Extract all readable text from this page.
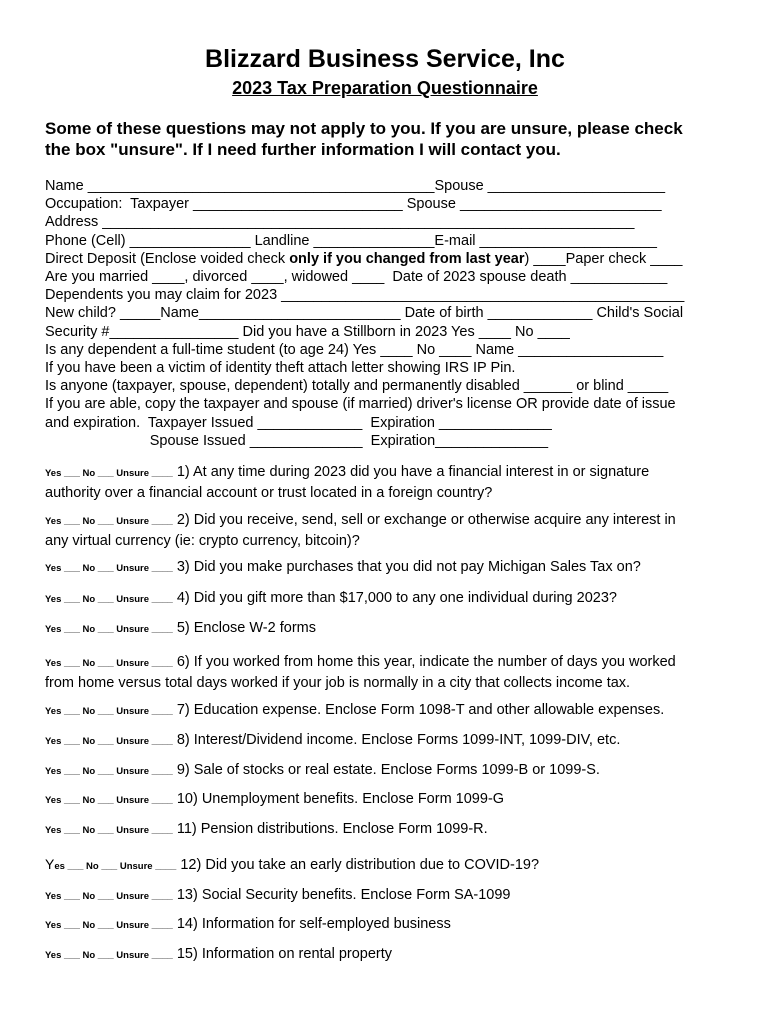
Blizzard Business Service, Inc
2023 Tax Preparation Questionnaire
Some of these questions may not apply to you. If you are unsure, please check
the box "unsure". If I need further information I will contact you.
Name ___________________________________________Spouse ______________________
Occupation:  Taxpayer __________________________ Spouse _________________________
Address __________________________________________________________________
Phone (Cell) _______________ Landline _______________E-mail ______________________
Direct Deposit (Enclose voided check only if you changed from last year) ____Paper check ____
Are you married ____, divorced ____, widowed ____  Date of 2023 spouse death ____________
Dependents you may claim for 2023 __________________________________________________
New child? _____Name_________________________ Date of birth _____________ Child's Social
Security #________________ Did you have a Stillborn in 2023 Yes ____ No ____
Is any dependent a full-time student (to age 24) Yes ____ No ____ Name __________________
If you have been a victim of identity theft attach letter showing IRS IP Pin.
Is anyone (taxpayer, spouse, dependent) totally and permanently disabled ______ or blind _____
If you are able, copy the taxpayer and spouse (if married) driver's license OR provide date of issue
and expiration.  Taxpayer Issued _____________  Expiration ______________
Spouse Issued ______________  Expiration______________
Yes ___ No ___ Unsure ____ 1) At any time during 2023 did you have a financial interest in or signature
authority over a financial account or trust located in a foreign country?
Yes ___ No ___ Unsure ____ 2) Did you receive, send, sell or exchange or otherwise acquire any interest in
any virtual currency (ie: crypto currency, bitcoin)?
Yes ___ No ___ Unsure ____ 3) Did you make purchases that you did not pay Michigan Sales Tax on?
Yes ___ No ___ Unsure ____ 4) Did you gift more than $17,000 to any one individual during 2023?
Yes ___ No ___ Unsure ____ 5) Enclose W-2 forms
Yes ___ No ___ Unsure ____ 6) If you worked from home this year, indicate the number of days you worked
from home versus total days worked if your job is normally in a city that collects income tax.
Yes ___ No ___ Unsure ____ 7) Education expense. Enclose Form 1098-T and other allowable expenses.
Yes ___ No ___ Unsure ____ 8) Interest/Dividend income. Enclose Forms 1099-INT, 1099-DIV, etc.
Yes ___ No ___ Unsure ____ 9) Sale of stocks or real estate. Enclose Forms 1099-B or 1099-S.
Yes ___ No ___ Unsure ____ 10) Unemployment benefits. Enclose Form 1099-G
Yes ___ No ___ Unsure ____ 11) Pension distributions. Enclose Form 1099-R.
Yes ___ No ___ Unsure ____ 12) Did you take an early distribution due to COVID-19?
Yes ___ No ___ Unsure ____ 13) Social Security benefits. Enclose Form SA-1099
Yes ___ No ___ Unsure ____ 14) Information for self-employed business
Yes ___ No ___ Unsure ____ 15) Information on rental property
